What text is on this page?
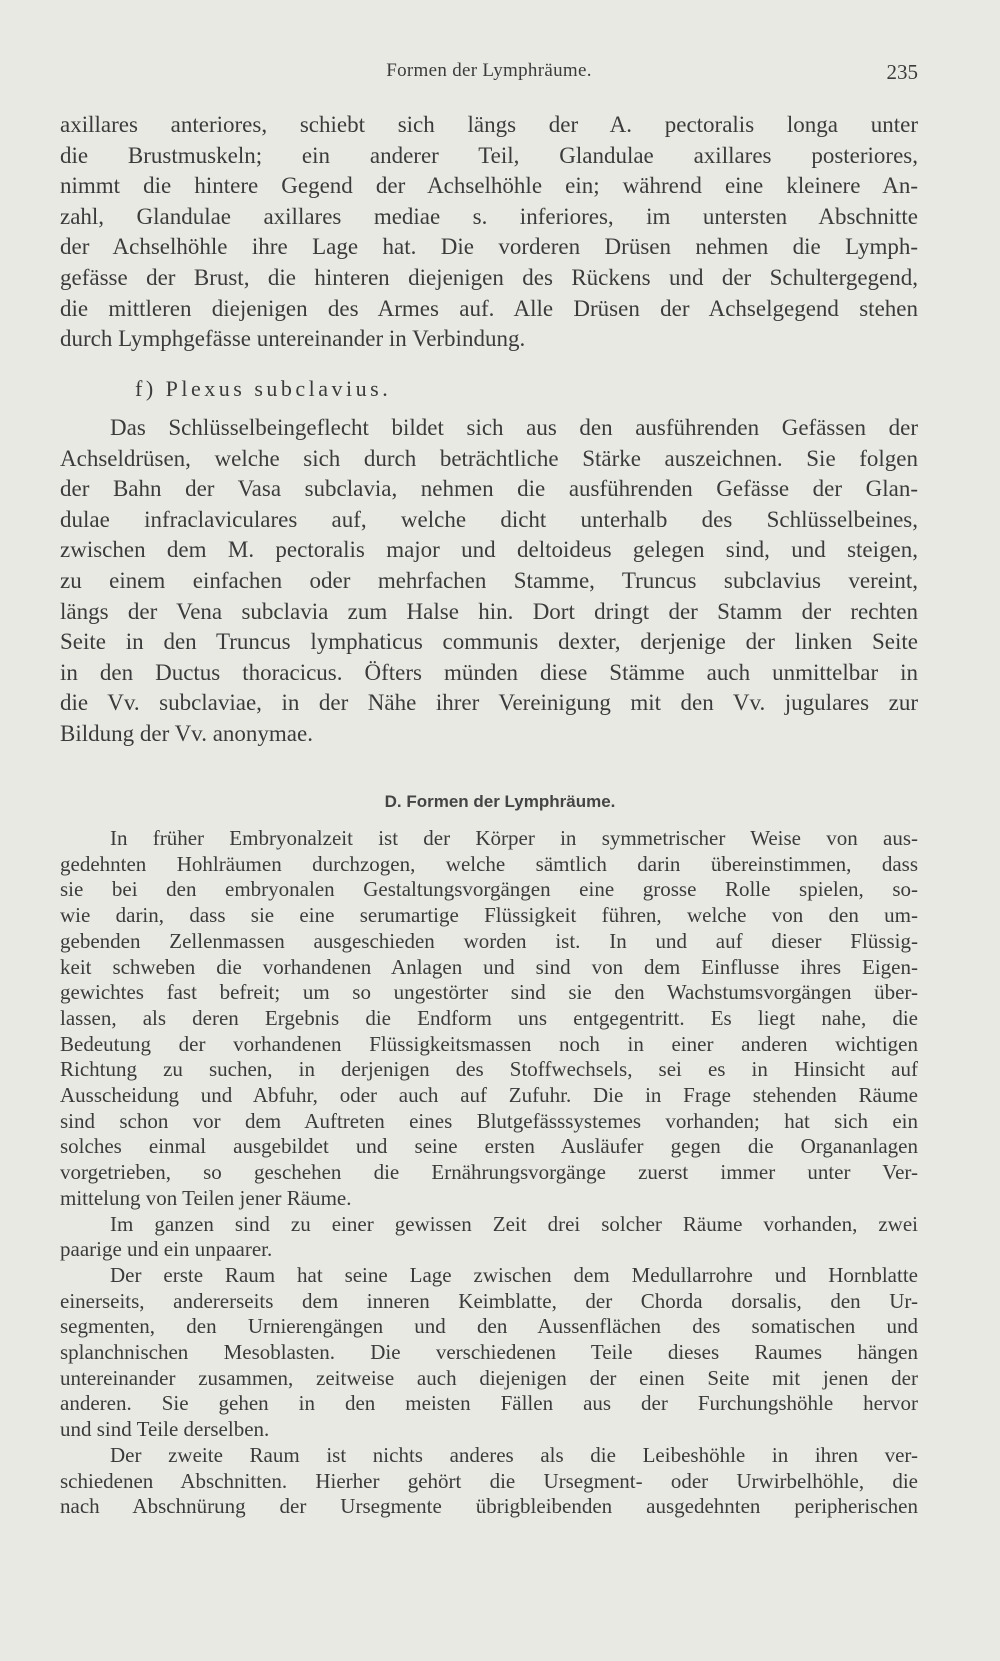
Formen der Lymphräume.	235
axillares anteriores, schiebt sich längs der A. pectoralis longa unter
die Brustmuskeln; ein anderer Teil, Glandulae axillares posteriores,
nimmt die hintere Gegend der Achselhöhle ein; während eine kleinere An-
zahl, Glandulae axillares mediae s. inferiores, im untersten Abschnitte
der Achselhöhle ihre Lage hat. Die vorderen Drüsen nehmen die Lymph-
gefässe der Brust, die hinteren diejenigen des Rückens und der Schultergegend,
die mittleren diejenigen des Armes auf. Alle Drüsen der Achselgegend stehen
durch Lymphgefässe untereinander in Verbindung.
f) Plexus subclavius.
Das Schlüsselbeingeflecht bildet sich aus den ausführenden Gefässen der
Achseldrüsen, welche sich durch beträchtliche Stärke auszeichnen. Sie folgen
der Bahn der Vasa subclavia, nehmen die ausführenden Gefässe der Glan-
dulae infraclaviculares auf, welche dicht unterhalb des Schlüsselbeines,
zwischen dem M. pectoralis major und deltoideus gelegen sind, und steigen,
zu einem einfachen oder mehrfachen Stamme, Truncus subclavius vereint,
längs der Vena subclavia zum Halse hin. Dort dringt der Stamm der rechten
Seite in den Truncus lymphaticus communis dexter, derjenige der linken Seite
in den Ductus thoracicus. Öfters münden diese Stämme auch unmittelbar in
die Vv. subclaviae, in der Nähe ihrer Vereinigung mit den Vv. jugulares zur
Bildung der Vv. anonymae.
D. Formen der Lymphräume.
In früher Embryonalzeit ist der Körper in symmetrischer Weise von aus-
gedehnten Hohlräumen durchzogen, welche sämtlich darin übereinstimmen, dass
sie bei den embryonalen Gestaltungsvorgängen eine grosse Rolle spielen, so-
wie darin, dass sie eine serumartige Flüssigkeit führen, welche von den um-
gebenden Zellenmassen ausgeschieden worden ist. In und auf dieser Flüssig-
keit schweben die vorhandenen Anlagen und sind von dem Einflusse ihres Eigen-
gewichtes fast befreit; um so ungestörter sind sie den Wachstumsvorgängen über-
lassen, als deren Ergebnis die Endform uns entgegentritt. Es liegt nahe, die
Bedeutung der vorhandenen Flüssigkeitsmassen noch in einer anderen wichtigen
Richtung zu suchen, in derjenigen des Stoffwechsels, sei es in Hinsicht auf
Ausscheidung und Abfuhr, oder auch auf Zufuhr. Die in Frage stehenden Räume
sind schon vor dem Auftreten eines Blutgefässsystemes vorhanden; hat sich ein
solches einmal ausgebildet und seine ersten Ausläufer gegen die Organanlagen
vorgetrieben, so geschehen die Ernährungsvorgänge zuerst immer unter Ver-
mittelung von Teilen jener Räume.
Im ganzen sind zu einer gewissen Zeit drei solcher Räume vorhanden, zwei
paarige und ein unpaarer.
Der erste Raum hat seine Lage zwischen dem Medullarrohre und Hornblatte
einerseits, andererseits dem inneren Keimblatte, der Chorda dorsalis, den Ur-
segmenten, den Urnierengängen und den Aussenflächen des somatischen und
splanchnischen Mesoblasten. Die verschiedenen Teile dieses Raumes hängen
untereinander zusammen, zeitweise auch diejenigen der einen Seite mit jenen der
anderen. Sie gehen in den meisten Fällen aus der Furchungshöhle hervor
und sind Teile derselben.
Der zweite Raum ist nichts anderes als die Leibeshöhle in ihren ver-
schiedenen Abschnitten. Hierher gehört die Ursegment- oder Urwirbelhöhle, die
nach Abschnürung der Ursegmente übrigbleibenden ausgedehnten peripherischen
